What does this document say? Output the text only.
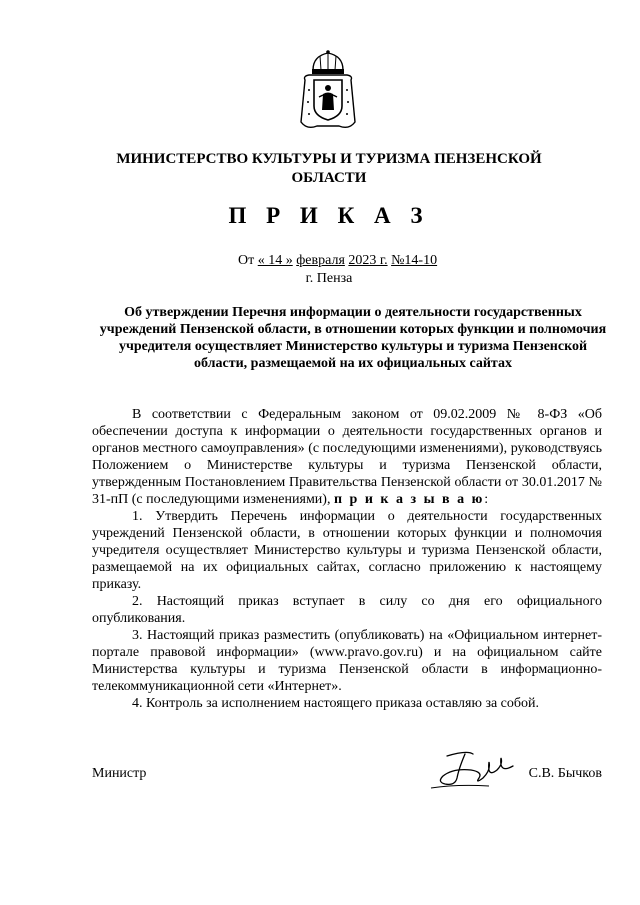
МИНИСТЕРСТВО КУЛЬТУРЫ И ТУРИЗМА ПЕНЗЕНСКОЙ
ОБЛАСТИ
П Р И К А З
От « 14 » февраля 2023 г. №14-10
г. Пенза
Об утверждении Перечня информации о деятельности государственных учреждений Пензенской области, в отношении которых функции и полномочия учредителя осуществляет Министерство культуры и туризма Пензенской области, размещаемой на их официальных сайтах

В соответствии с Федеральным законом от 09.02.2009 № 8-ФЗ «Об обеспечении доступа к информации о деятельности государственных органов и органов местного самоуправления» (с последующими изменениями), руководствуясь Положением о Министерстве культуры и туризма Пензенской области, утвержденным Постановлением Правительства Пензенской области от 30.01.2017 № 31-пП (с последующими изменениями), п р и к а з ы в а ю:

1. Утвердить Перечень информации о деятельности государственных учреждений Пензенской области, в отношении которых функции и полномочия учредителя осуществляет Министерство культуры и туризма Пензенской области, размещаемой на их официальных сайтах, согласно приложению к настоящему приказу.

2. Настоящий приказ вступает в силу со дня его официального опубликования.

3. Настоящий приказ разместить (опубликовать) на «Официальном интернет-портале правовой информации» (www.pravo.gov.ru) и на официальном сайте Министерства культуры и туризма Пензенской области в информационно-телекоммуникационной сети «Интернет».

4. Контроль за исполнением настоящего приказа оставляю за собой.

Министр	С.В. Бычков
